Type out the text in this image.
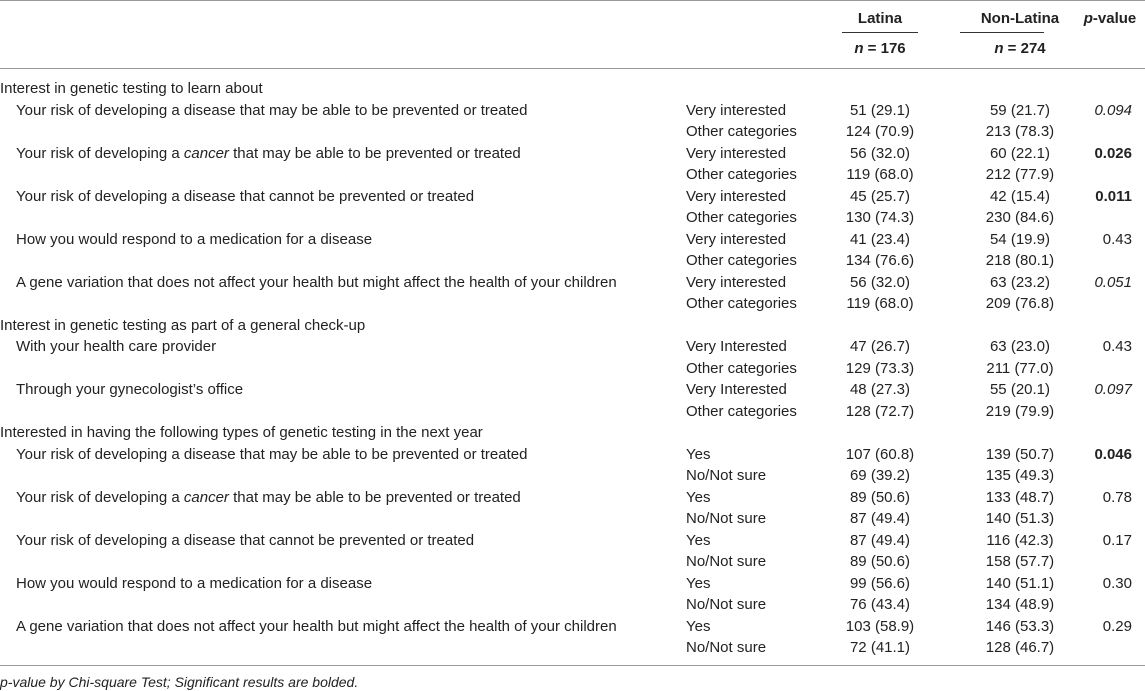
Latina	Non-Latina	p-value
n = 176	n = 274
Interest in genetic testing to learn about
Your risk of developing a disease that may be able to be prevented or treated	Very interested	51 (29.1)	59 (21.7)	0.094
Other categories	124 (70.9)	213 (78.3)
Your risk of developing a cancer that may be able to be prevented or treated	Very interested	56 (32.0)	60 (22.1)	0.026
Other categories	119 (68.0)	212 (77.9)
Your risk of developing a disease that cannot be prevented or treated	Very interested	45 (25.7)	42 (15.4)	0.011
Other categories	130 (74.3)	230 (84.6)
How you would respond to a medication for a disease	Very interested	41 (23.4)	54 (19.9)	0.43
Other categories	134 (76.6)	218 (80.1)
A gene variation that does not affect your health but might affect the health of your children	Very interested	56 (32.0)	63 (23.2)	0.051
Other categories	119 (68.0)	209 (76.8)
Interest in genetic testing as part of a general check-up
With your health care provider	Very Interested	47 (26.7)	63 (23.0)	0.43
Other categories	129 (73.3)	211 (77.0)
Through your gynecologist’s office	Very Interested	48 (27.3)	55 (20.1)	0.097
Other categories	128 (72.7)	219 (79.9)
Interested in having the following types of genetic testing in the next year
Your risk of developing a disease that may be able to be prevented or treated	Yes	107 (60.8)	139 (50.7)	0.046
No/Not sure	69 (39.2)	135 (49.3)
Your risk of developing a cancer that may be able to be prevented or treated	Yes	89 (50.6)	133 (48.7)	0.78
No/Not sure	87 (49.4)	140 (51.3)
Your risk of developing a disease that cannot be prevented or treated	Yes	87 (49.4)	116 (42.3)	0.17
No/Not sure	89 (50.6)	158 (57.7)
How you would respond to a medication for a disease	Yes	99 (56.6)	140 (51.1)	0.30
No/Not sure	76 (43.4)	134 (48.9)
A gene variation that does not affect your health but might affect the health of your children	Yes	103 (58.9)	146 (53.3)	0.29
No/Not sure	72 (41.1)	128 (46.7)
p-value by Chi-square Test; Significant results are bolded.
